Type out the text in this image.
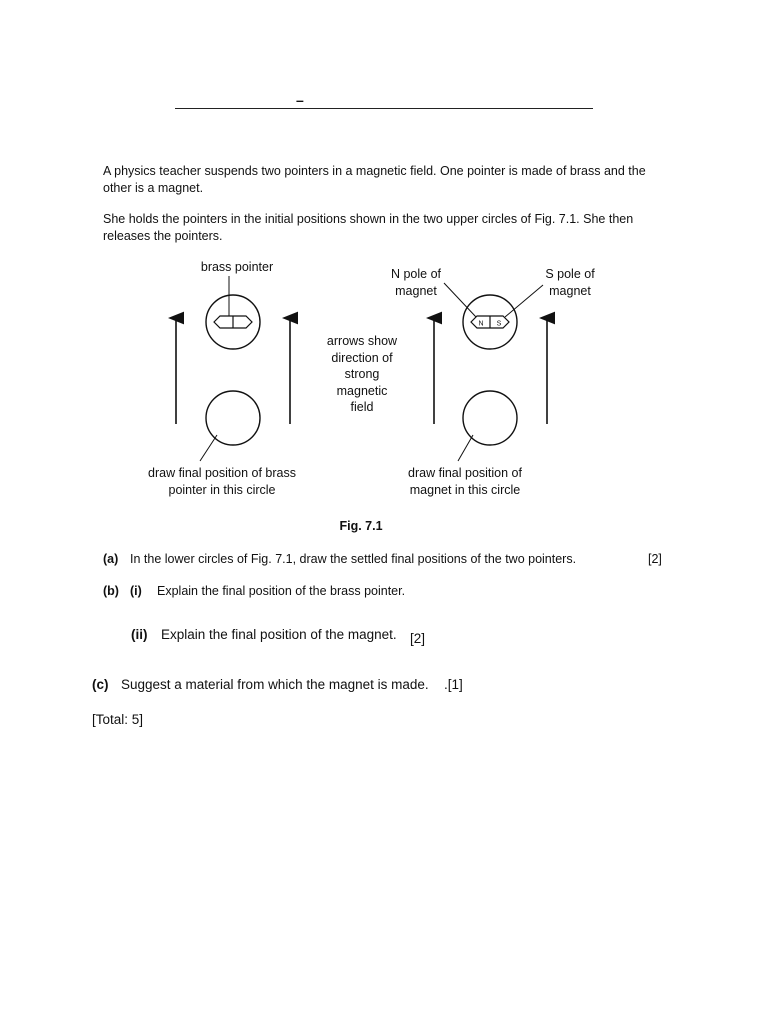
–
A physics teacher suspends two pointers in a magnetic field. One pointer is made of brass and the
other is a magnet.
She holds the pointers in the initial positions shown in the two upper circles of Fig. 7.1. She then
releases the pointers.
N S
brass pointer	N pole of
magnet
S pole of
magnet
arrows show
direction of
strong
magnetic
field
draw final position of brass
pointer in this circle
draw final position of
magnet in this circle
Fig. 7.1
(a) In the lower circles of Fig. 7.1, draw the settled final positions of the two pointers.	[2]
(b) (i) Explain the final position of the brass pointer.
(ii) Explain the final position of the magnet. [2]
(c) Suggest a material from which the magnet is made. .[1]
[Total: 5]
